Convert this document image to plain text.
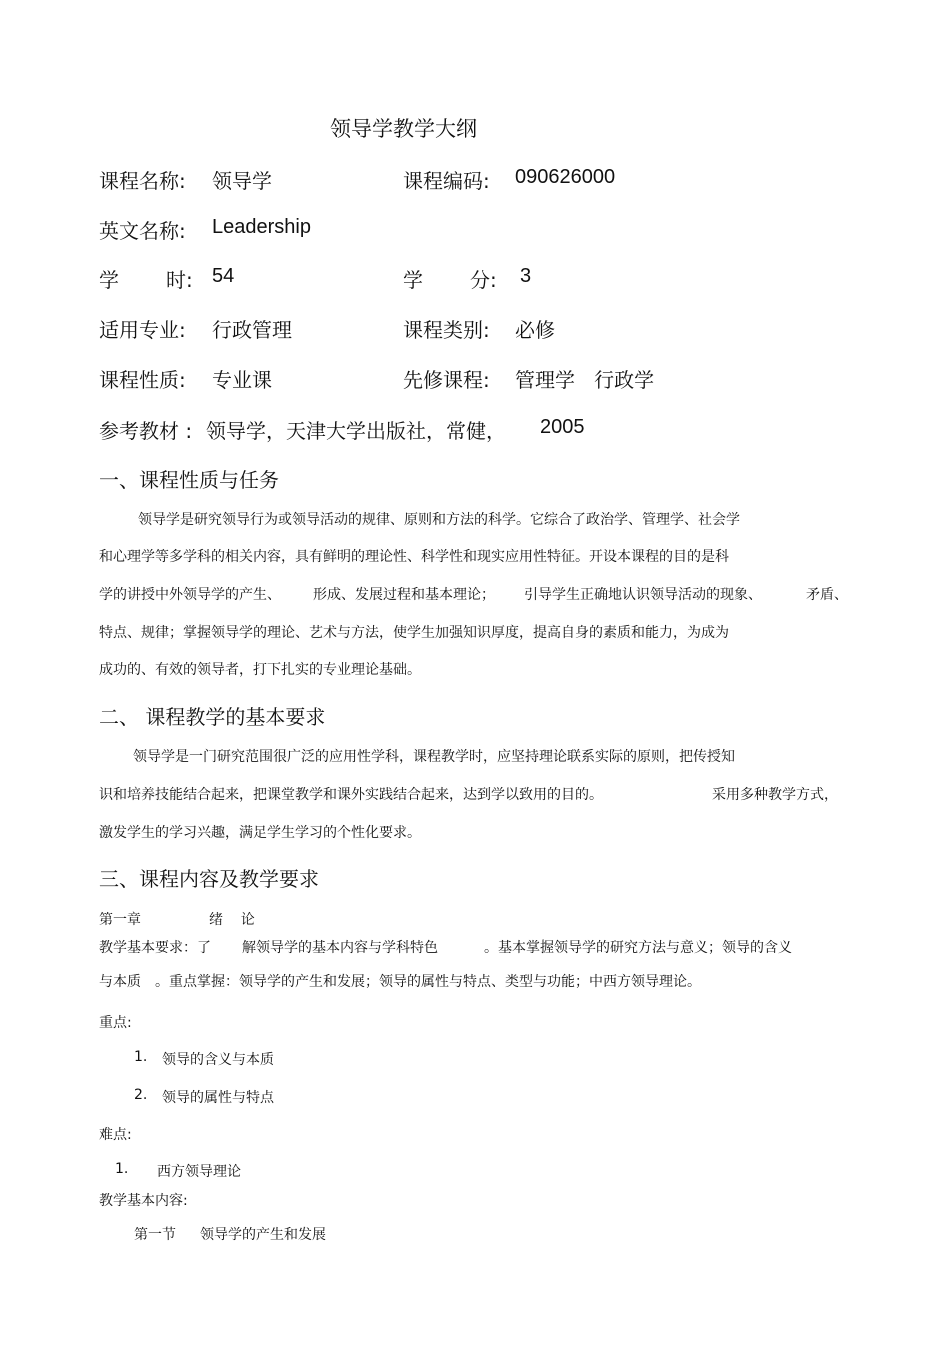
领导学教学大纲
课程名称: 领导学	课程编码: 090626000
英文名称: Leadership
学 时: 54	学 分: 3
适用专业: 行政管理	课程类别: 必修
课程性质: 专业课	先修课程: 管理学   行政学
参考教材 : 领导学，天津大学出版社，常健， 2005
一、课程性质与任务
领导学是研究领导行为或领导活动的规律、原则和方法的科学。它综合了政治学、管理学、社会学
和心理学等多学科的相关内容，具有鲜明的理论性、科学性和现实应用性特征。开设本课程的目的是科
学的讲授中外领导学的产生、 形成、发展过程和基本理论； 引导学生正确地认识领导活动的现象、	矛盾、
特点、规律；掌握领导学的理论、艺术与方法，使学生加强知识厚度，提高自身的素质和能力，为成为
成功的、有效的领导者，打下扎实的专业理论基础。
二、 课程教学的基本要求
领导学是一门研究范围很广泛的应用性学科，课程教学时，应坚持理论联系实际的原则，把传授知
识和培养技能结合起来，把课堂教学和课外实践结合起来，达到学以致用的目的。	采用多种教学方式，
激发学生的学习兴趣，满足学生学习的个性化要求。
三、课程内容及教学要求
第一章	绪    论
教学基本要求：了 解领导学的基本内容与学科特色	。基本掌握领导学的研究方法与意义；领导的含义
与本质 。重点掌握：领导学的产生和发展；领导的属性与特点、类型与功能；中西方领导理论。
重点:
1. 领导的含义与本质
2. 领导的属性与特点
难点:
1. 西方领导理论
教学基本内容:
第一节 领导学的产生和发展
